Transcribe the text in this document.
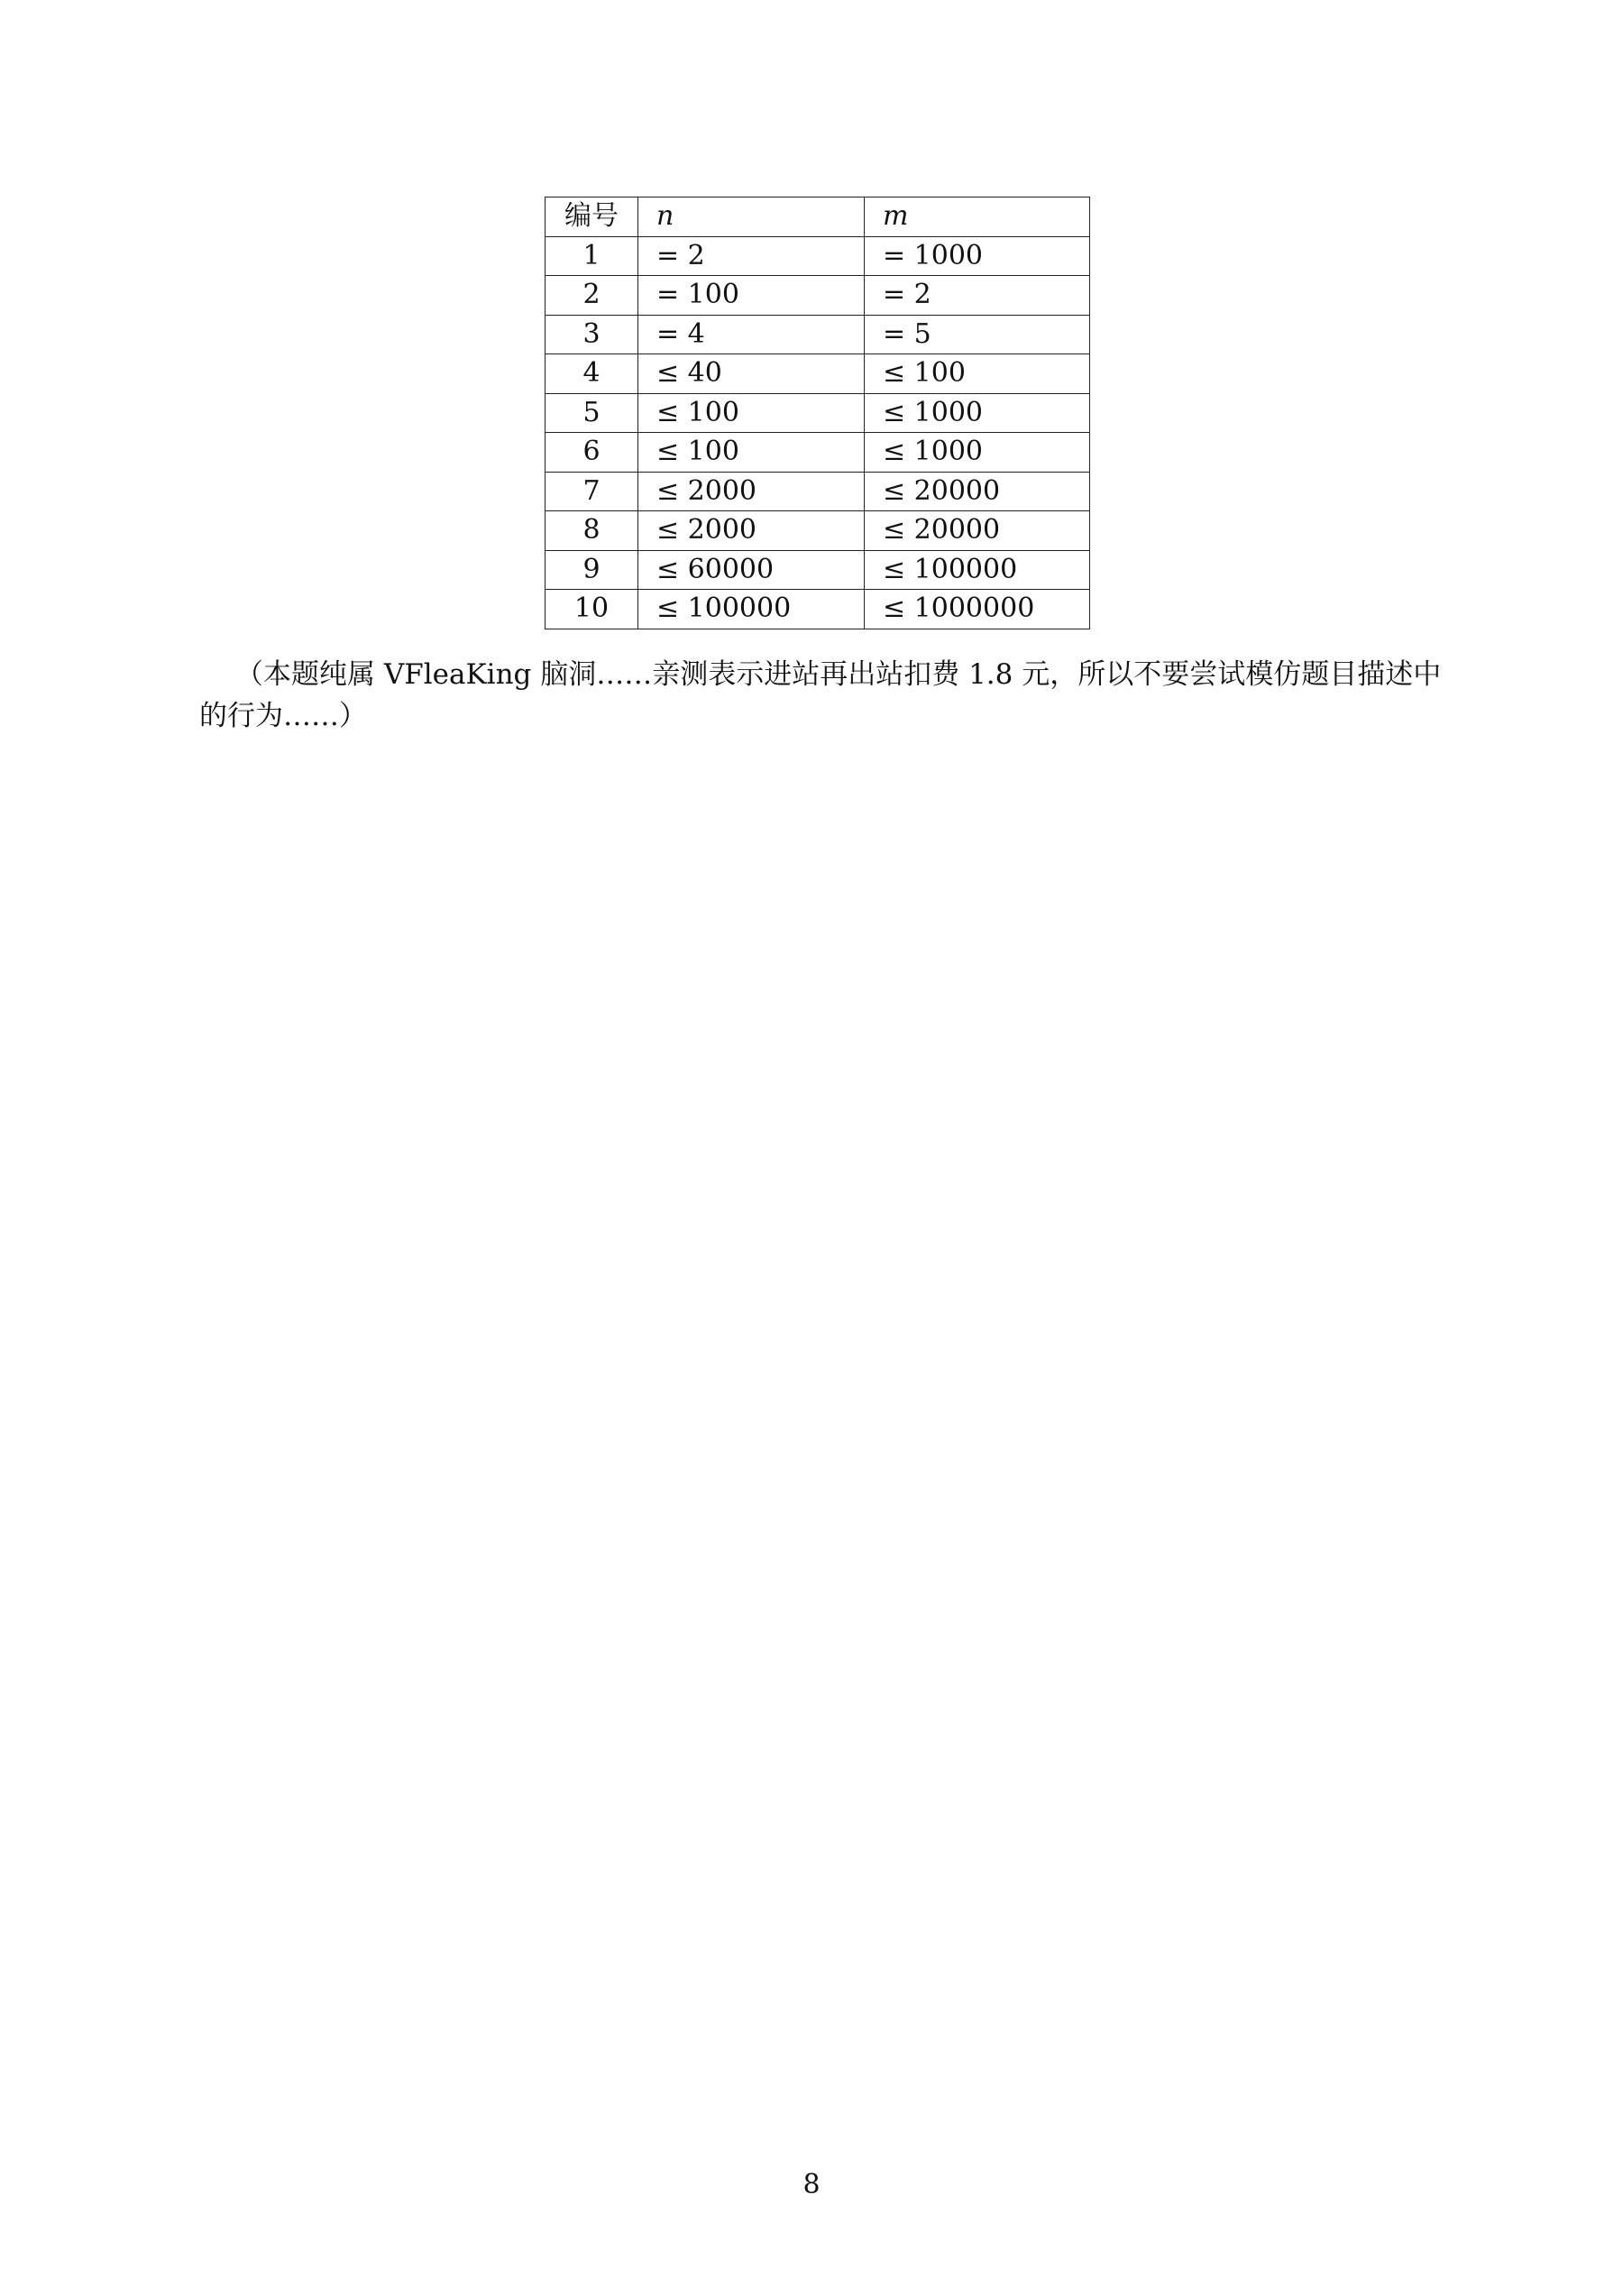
编号	n	m
1	= 2	= 1000
2	= 100	= 2
3	= 4	= 5
4	≤ 40	≤ 100
5	≤ 100	≤ 1000
6	≤ 100	≤ 1000
7	≤ 2000	≤ 20000
8	≤ 2000	≤ 20000
9	≤ 60000	≤ 100000
10	≤ 100000	≤ 1000000

（本题纯属 VFleaKing 脑洞……亲测表示进站再出站扣费 1.8 元，所以不要尝试模仿题目描述中的行为……）

8
